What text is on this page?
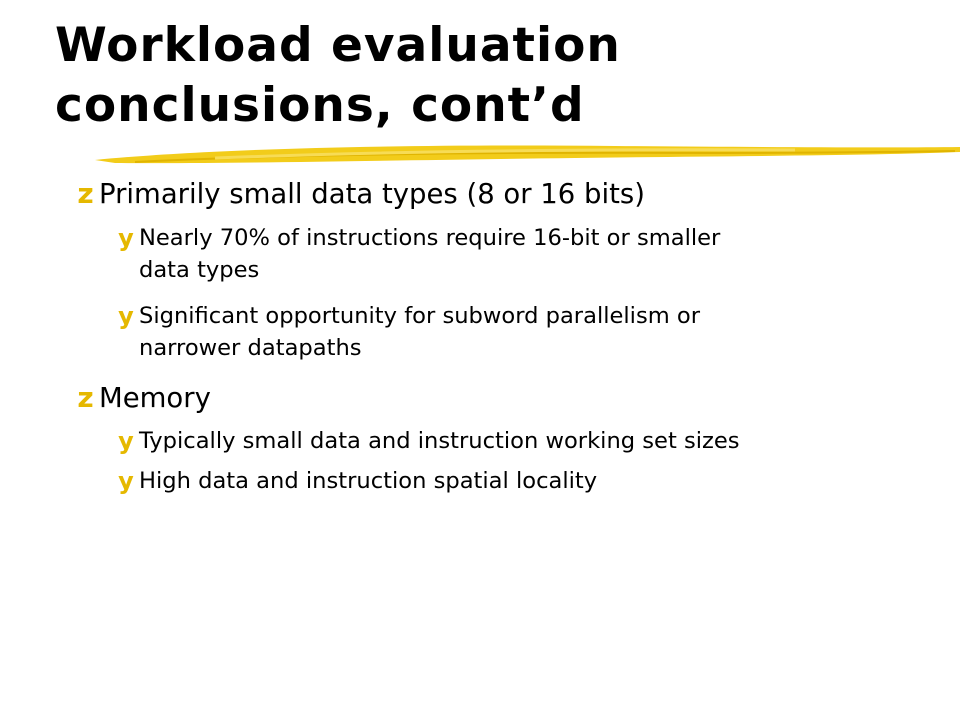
Workload evaluation
conclusions, cont’d
z Primarily small data types (8 or 16 bits)
y Nearly 70% of instructions require 16-bit or smaller
data types
y Significant opportunity for subword parallelism or
narrower datapaths
z Memory
y Typically small data and instruction working set sizes
y High data and instruction spatial locality
